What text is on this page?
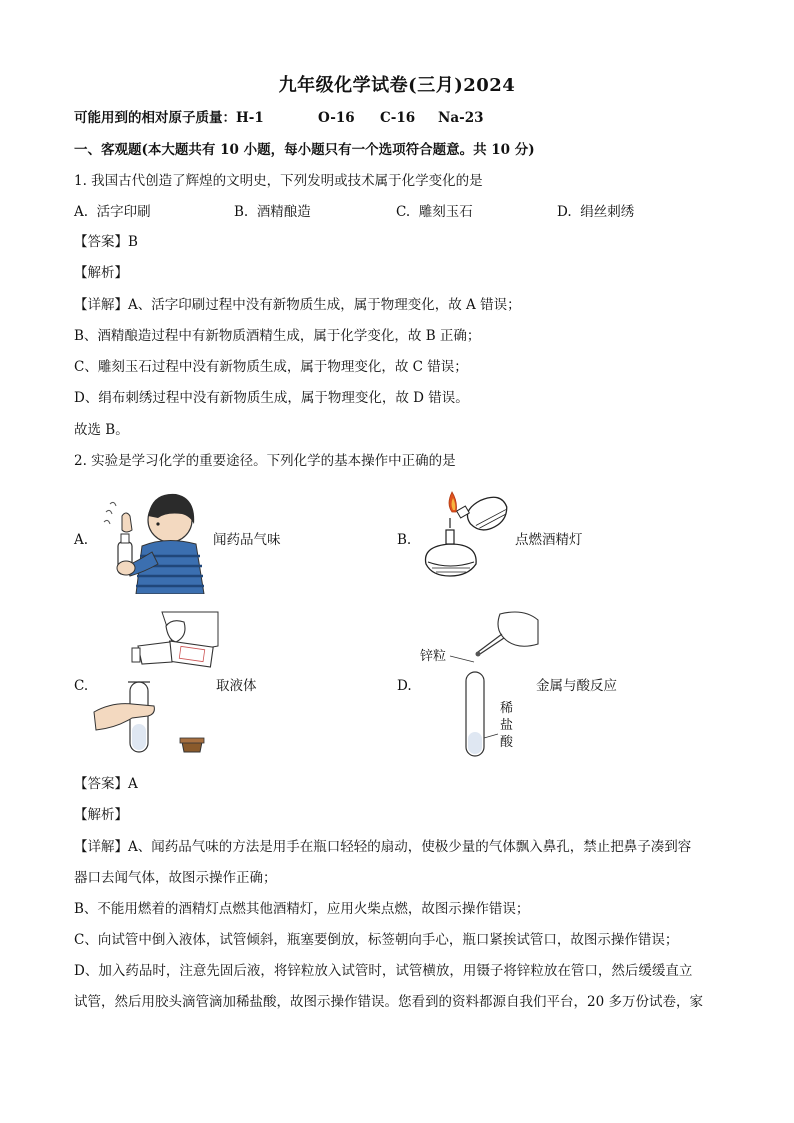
九年级化学试卷(三月)2024
可能用到的相对原子质量：H-1	O-16 C-16 Na-23
一、客观题(本大题共有 10 小题，每小题只有一个选项符合题意。共 10 分)
1. 我国古代创造了辉煌的文明史，下列发明或技术属于化学变化的是
A. 活字印刷	B. 酒精酿造	C. 雕刻玉石	D. 绢丝刺绣
【答案】B
【解析】
【详解】A、活字印刷过程中没有新物质生成，属于物理变化，故 A 错误；
B、酒精酿造过程中有新物质酒精生成，属于化学变化，故 B 正确；
C、雕刻玉石过程中没有新物质生成，属于物理变化，故 C 错误；
D、绢布刺绣过程中没有新物质生成，属于物理变化，故 D 错误。
故选 B。
2. 实验是学习化学的重要途径。下列化学的基本操作中正确的是
A.	闻药品气味	B.	点燃酒精灯
C.	取液体	D.
锌粒
稀
盐
酸
金属与酸反应
【答案】A
【解析】
【详解】A、闻药品气味的方法是用手在瓶口轻轻的扇动，使极少量的气体飘入鼻孔，禁止把鼻子凑到容
器口去闻气体，故图示操作正确；
B、不能用燃着的酒精灯点燃其他酒精灯，应用火柴点燃，故图示操作错误；
C、向试管中倒入液体，试管倾斜，瓶塞要倒放，标签朝向手心，瓶口紧挨试管口，故图示操作错误；
D、加入药品时，注意先固后液，将锌粒放入试管时，试管横放，用镊子将锌粒放在管口，然后缓缓直立
试管，然后用胶头滴管滴加稀盐酸，故图示操作错误。您看到的资料都源自我们平台，20 多万份试卷，家
